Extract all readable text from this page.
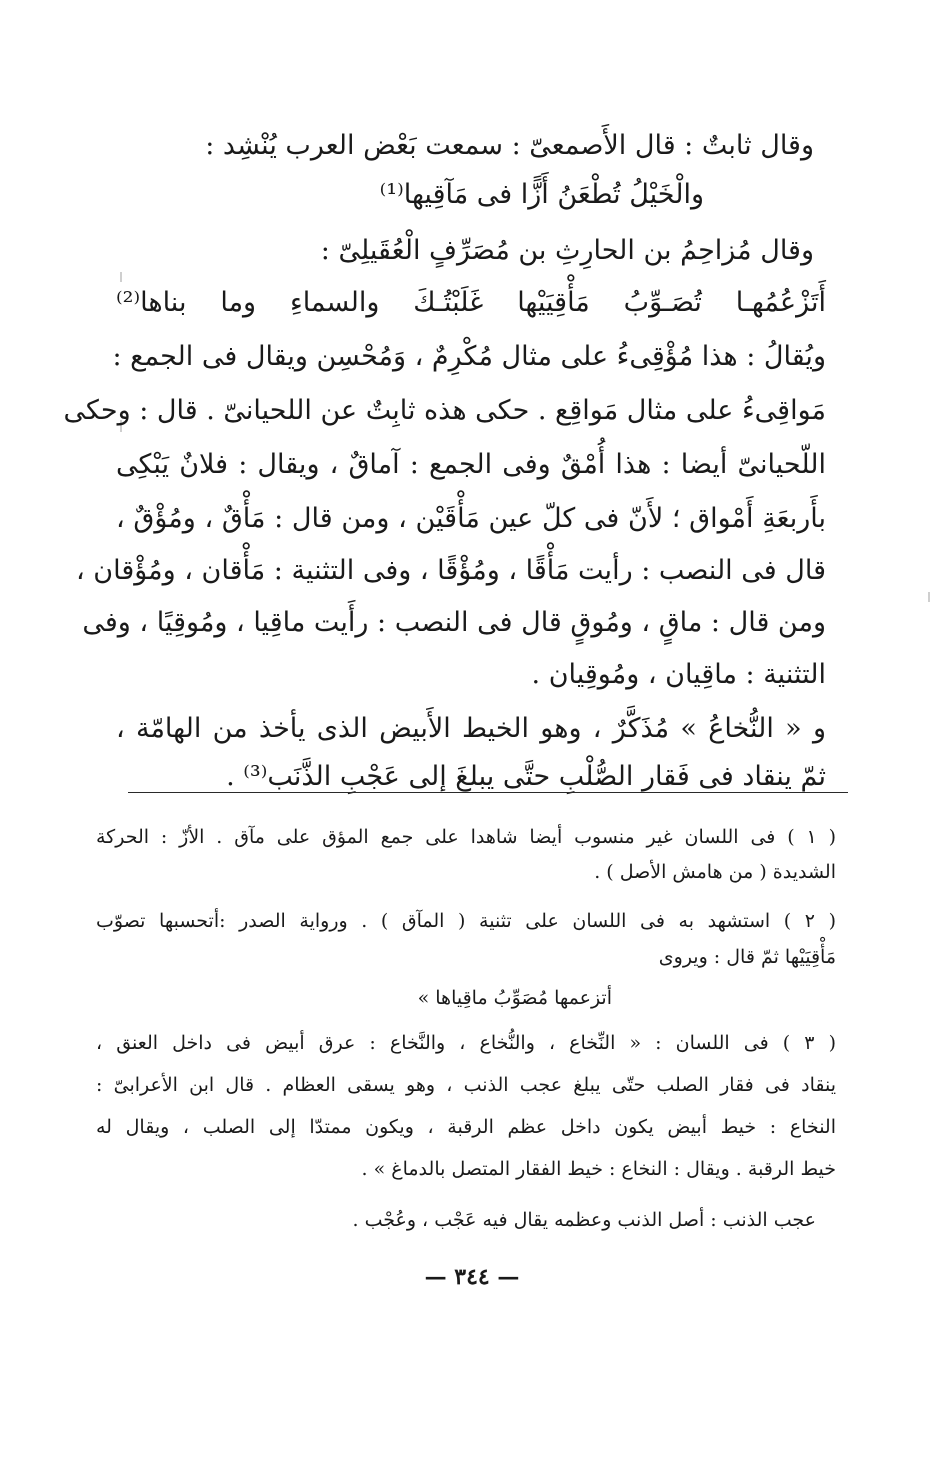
وقال ثابتٌ : قال الأَصمعىّ : سمعت بَعْض العرب يُنْشِد :
والْخَيْلُ تُطْعَنُ أَزًّا فى مَآقِيها⁽¹⁾
وقال مُزاحِمُ بن الحارِثِ بن مُصَرِّفٍ الْعُقَيلِىّ :
أَتَزْعُمُهـا تُصَـوِّبُ مَأْقِيَيْها غَلَبْتُـكَ والسماءِ وما بناها⁽²⁾
ويُقالُ : هذا مُؤْقِىءُ على مثال مُكْرِمٌ ، وَمُحْسِن ويقال فى الجمع :
مَواقِىءُ على مثال مَواقِع . حكى هذه ثابِتٌ عن اللحيانىّ . قال : وحكى
اللّحيانىّ أيضا : هذا أُمْقٌ وفى الجمع : آماقٌ ، ويقال : فلانٌ يَبْكِى
بأَربعَةِ أَمْواق ؛ لأَنّ فى كلّ عين مَأْقَيْن ، ومن قال : مَأْقٌ ، ومُؤْقٌ ،
قال فى النصب : رأيت مَأْقًا ، ومُؤْقًا ، وفى التثنية : مَأْقان ، ومُؤْقان ،
ومن قال : ماقٍ ، ومُوقٍ قال فى النصب : رأَيت ماقِيا ، ومُوقِيًا ، وفى
التثنية : ماقِيان ، ومُوقِيان .
و « النُّخاعُ » مُذَكَّرٌ ، وهو الخيط الأَبيض الذى يأخذ من الهامّة ،
ثمّ ينقاد فى فَقار الصُّلْبِ حتَّى يبلغَ إلى عَجْبِ الذَّنَب⁽³⁾ .
( ١ ) فى اللسان غير منسوب أيضا شاهدا على جمع المؤق على مآق . الأزّ : الحركة
الشديدة ( من هامش الأصل ) .
( ٢ ) استشهد به فى اللسان على تثنية ( المآق ) . ورواية الصدر :أتحسبها تصوّب
مَأْقِيَيْها ثمّ قال : ويروى
أتزعمها مُصَوِّبُ ماقِياها »
( ٣ ) فى اللسان : « النِّخاع ، والنُّخاع ، والنَّخاع : عرق أبيض فى داخل العنق ،
ينقاد فى فقار الصلب حتّى يبلغ عجب الذنب ، وهو يسقى العظام . قال ابن الأعرابىّ :
النخاع : خيط أبيض يكون داخل عظم الرقبة ، ويكون ممتدّا إلى الصلب ، ويقال له
خيط الرقبة . ويقال : النخاع : خيط الفقار المتصل بالدماغ » .
عجب الذنب : أصل الذنب وعظمه يقال فيه عَجْب ، وعُجْب .
— ٣٤٤ —
